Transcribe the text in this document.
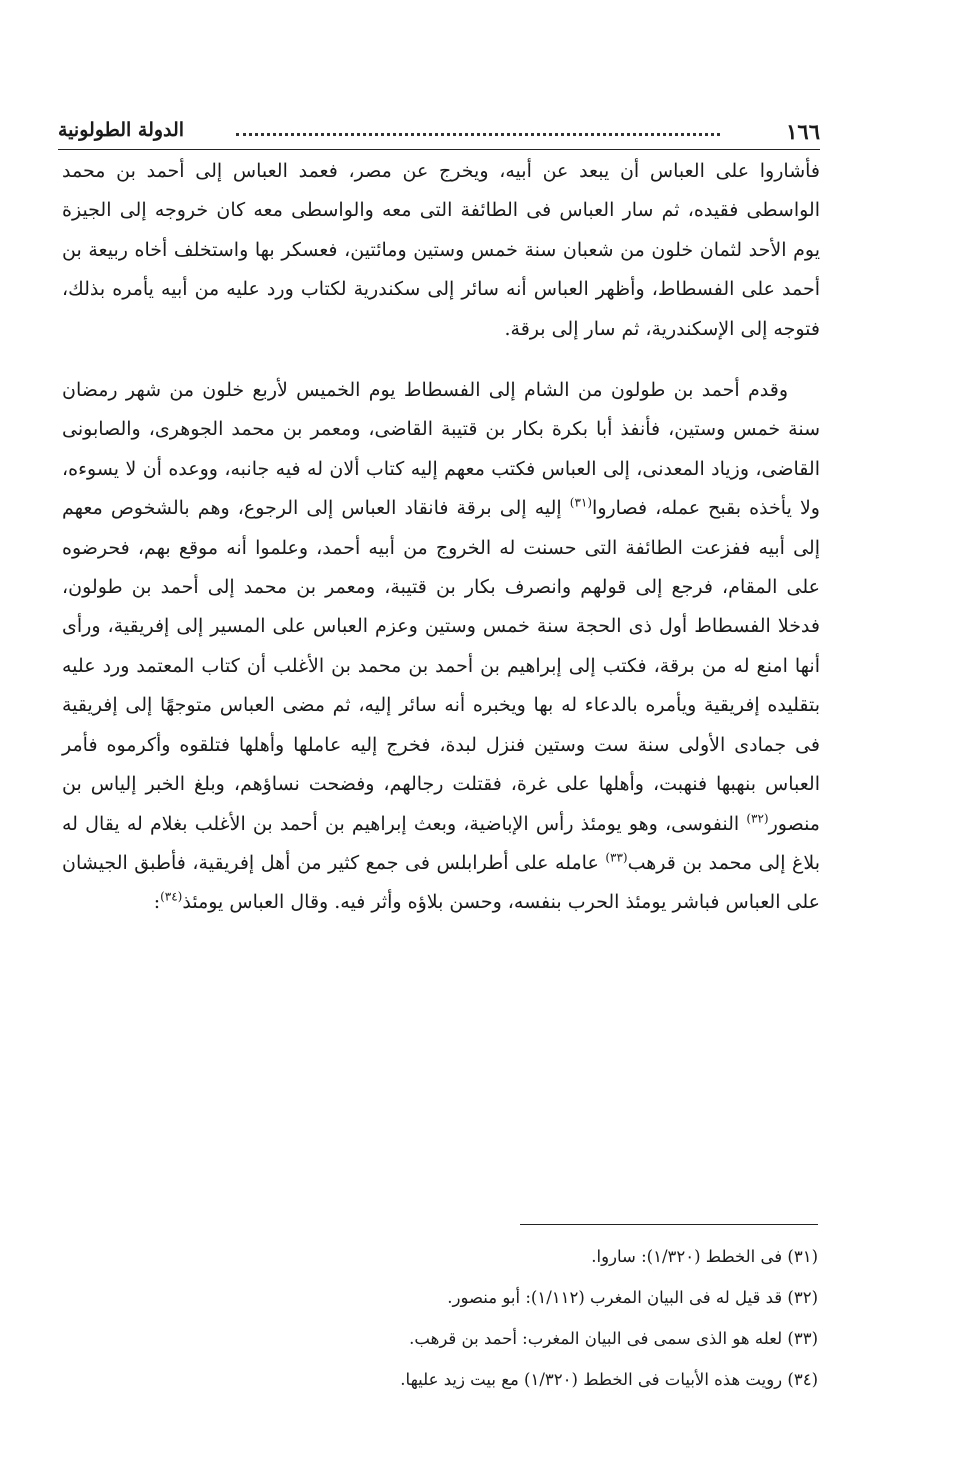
١٦٦
الدولة الطولونية

فأشاروا على العباس أن يبعد عن أبيه، ويخرج عن مصر، فعمد العباس إلى أحمد بن محمد الواسطى فقيده، ثم سار العباس فى الطائفة التى معه والواسطى معه كان خروجه إلى الجيزة يوم الأحد لثمان خلون من شعبان سنة خمس وستين ومائتين، فعسكر بها واستخلف أخاه ربيعة بن أحمد على الفسطاط، وأظهر العباس أنه سائر إلى سكندرية لكتاب ورد عليه من أبيه يأمره بذلك، فتوجه إلى الإسكندرية، ثم سار إلى برقة.

وقدم أحمد بن طولون من الشام إلى الفسطاط يوم الخميس لأربع خلون من شهر رمضان سنة خمس وستين، فأنفذ أبا بكرة بكار بن قتيبة القاضى، ومعمر بن محمد الجوهرى، والصابونى القاضى، وزياد المعدنى، إلى العباس فكتب معهم إليه كتاب ألان له فيه جانبه، ووعده أن لا يسوءه، ولا يأخذه بقبح عمله، فصاروا$^{(٣١)}$ إليه إلى برقة فانقاد العباس إلى الرجوع، وهم بالشخوص معهم إلى أبيه ففزعت الطائفة التى حسنت له الخروج من أبيه أحمد، وعلموا أنه موقع بهم، فحرضوه على المقام، فرجع إلى قولهم وانصرف بكار بن قتيبة، ومعمر بن محمد إلى أحمد بن طولون، فدخلا الفسطاط أول ذى الحجة سنة خمس وستين وعزم العباس على المسير إلى إفريقية، ورأى أنها امنع له من برقة، فكتب إلى إبراهيم بن أحمد بن محمد بن الأغلب أن كتاب المعتمد ورد عليه بتقليده إفريقية ويأمره بالدعاء له بها ويخبره أنه سائر إليه، ثم مضى العباس متوجهًا إلى إفريقية فى جمادى الأولى سنة ست وستين فنزل لبدة، فخرج إليه عاملها وأهلها فتلقوه وأكرموه فأمر العباس بنهبها فنهبت، وأهلها على غرة، فقتلت رجالهم، وفضحت نساؤهم، وبلغ الخبر إلياس بن منصور$^{(٣٢)}$ النفوسى، وهو يومئذ رأس الإباضية، وبعث إبراهيم بن أحمد بن الأغلب بغلام له يقال له بلاغ إلى محمد بن قرهب$^{(٣٣)}$ عامله على أطرابلس فى جمع كثير من أهل إفريقية، فأطبق الجيشان على العباس فباشر يومئذ الحرب بنفسه، وحسن بلاؤه وأثر فيه. وقال العباس يومئذ$^{(٣٤)}$:

(٣١) فى الخطط (١/٣٢٠): ساروا.
(٣٢) قد قيل له فى البيان المغرب (١/١١٢): أبو منصور.
(٣٣) لعله هو الذى سمى فى البيان المغرب: أحمد بن قرهب.
(٣٤) رويت هذه الأبيات فى الخطط (١/٣٢٠) مع بيت زيد عليها.
